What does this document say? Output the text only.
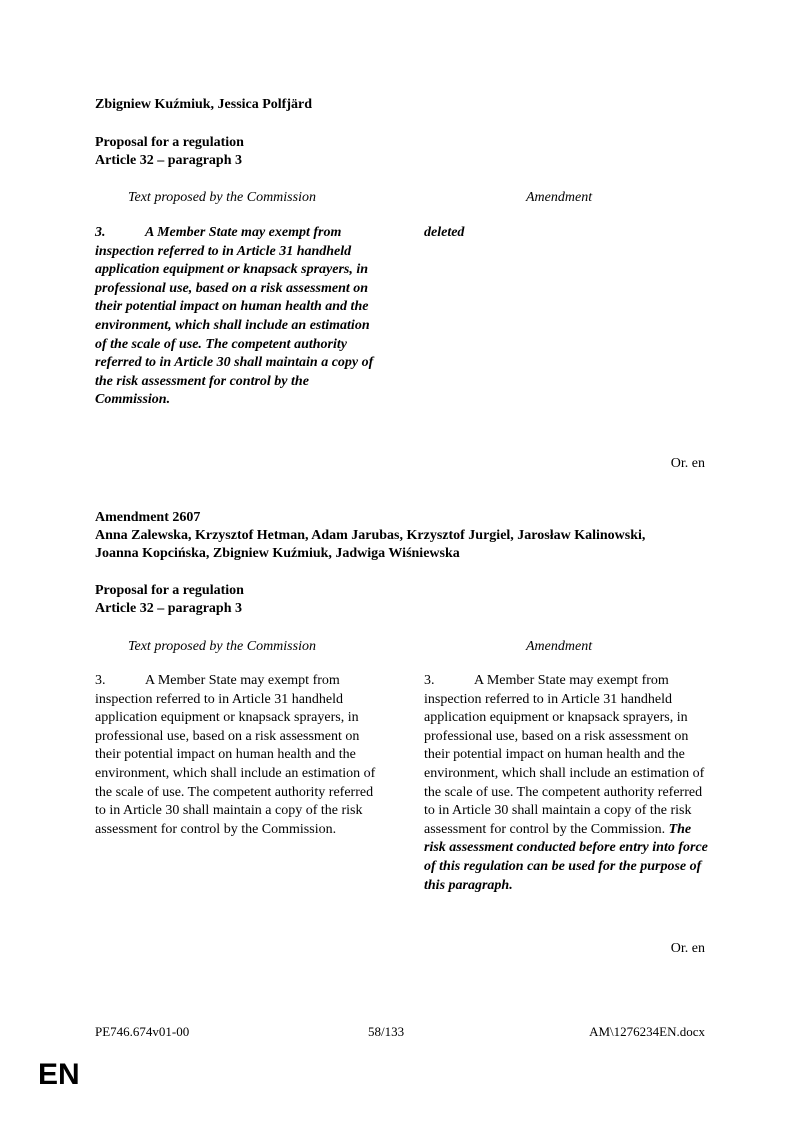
Zbigniew Kuźmiuk, Jessica Polfjärd
Proposal for a regulation
Article 32 – paragraph 3
Text proposed by the Commission	Amendment
3.	A Member State may exempt from inspection referred to in Article 31 handheld application equipment or knapsack sprayers, in professional use, based on a risk assessment on their potential impact on human health and the environment, which shall include an estimation of the scale of use. The competent authority referred to in Article 30 shall maintain a copy of the risk assessment for control by the Commission.
deleted
Or. en
Amendment 2607
Anna Zalewska, Krzysztof Hetman, Adam Jarubas, Krzysztof Jurgiel, Jarosław Kalinowski, Joanna Kopcińska, Zbigniew Kuźmiuk, Jadwiga Wiśniewska
Proposal for a regulation
Article 32 – paragraph 3
Text proposed by the Commission	Amendment
3.	A Member State may exempt from inspection referred to in Article 31 handheld application equipment or knapsack sprayers, in professional use, based on a risk assessment on their potential impact on human health and the environment, which shall include an estimation of the scale of use. The competent authority referred to in Article 30 shall maintain a copy of the risk assessment for control by the Commission.
3.	A Member State may exempt from inspection referred to in Article 31 handheld application equipment or knapsack sprayers, in professional use, based on a risk assessment on their potential impact on human health and the environment, which shall include an estimation of the scale of use. The competent authority referred to in Article 30 shall maintain a copy of the risk assessment for control by the Commission. The risk assessment conducted before entry into force of this regulation can be used for the purpose of this paragraph.
Or. en
PE746.674v01-00	58/133	AM\1276234EN.docx
EN
